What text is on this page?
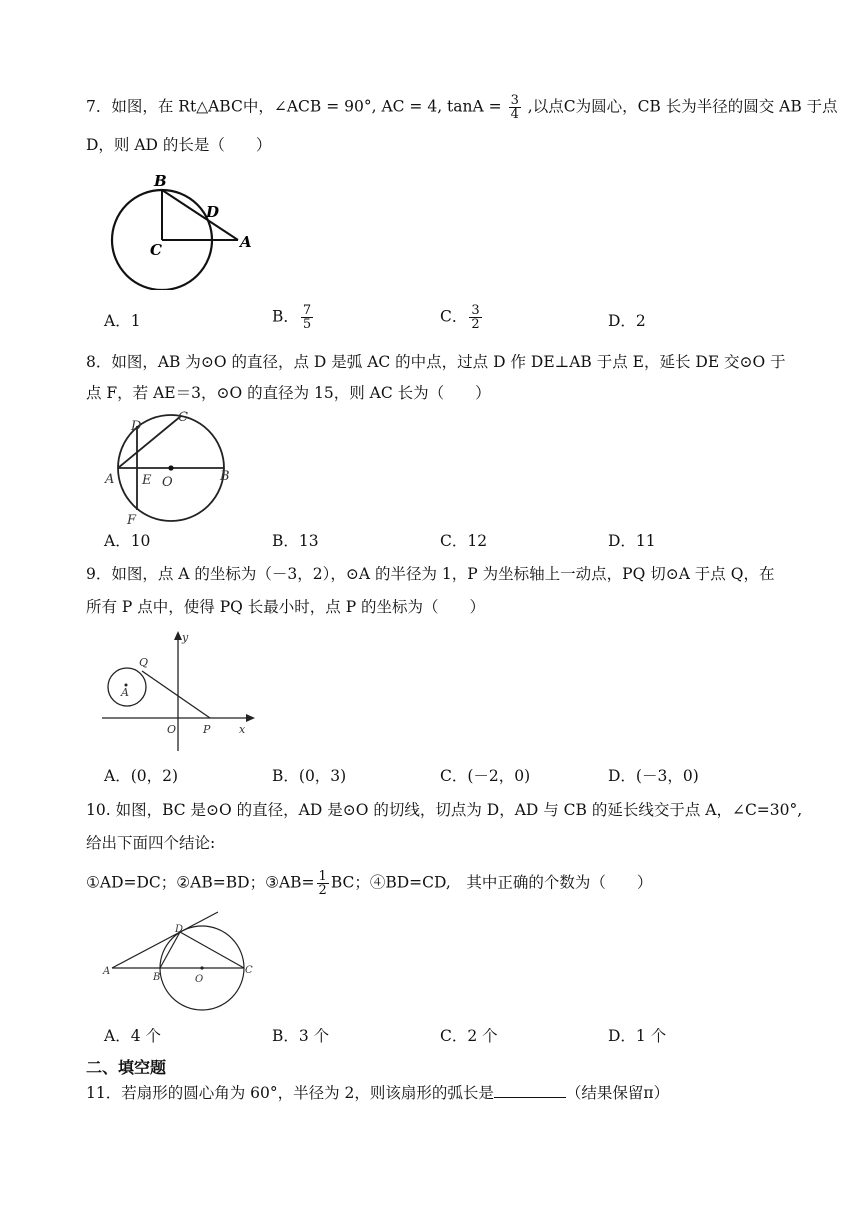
7．如图，在 Rt△ABC中，∠ACB = 90°, AC = 4, $\tan A = \frac{3}{4}$ ,以点C为圆心，CB 长为半径的圆交 AB 于点
D，则 AD 的长是（　　）
B
C
D
A
A．1	B． $\frac{7}{5}$	C． $\frac{3}{2}$	D．2
8．如图，AB 为⊙O 的直径，点 D 是弧 AC 的中点，过点 D 作 DE⊥AB 于点 E，延长 DE 交⊙O 于
点 F，若 AE＝3，⊙O 的直径为 15，则 AC 长为（　　）
C
D
A E O	B
F
A．10	B．13	C．12	D．11
9．如图，点 A 的坐标为（－3，2），⊙A 的半径为 1，P 为坐标轴上一动点，PQ 切⊙A 于点 Q，在
所有 P 点中，使得 PQ 长最小时，点 P 的坐标为（　　）
y
Q
A
O P	x
A．(0，2)	B．(0，3)	C．(－2，0)	D．(－3，0)
10. 如图，BC 是⊙O 的直径，AD 是⊙O 的切线，切点为 D，AD 与 CB 的延长线交于点 A，∠C=30°,
给出下面四个结论:
①AD=DC；②AB=BD；③AB= $\frac{1}{2}$ BC；④BD=CD,　其中正确的个数为（　　）
D
A
B	O
C
A．4 个	B．3 个	C．2 个	D．1 个
二、填空题
11．若扇形的圆心角为 60°，半径为 2，则该扇形的弧长是	（结果保留π）
